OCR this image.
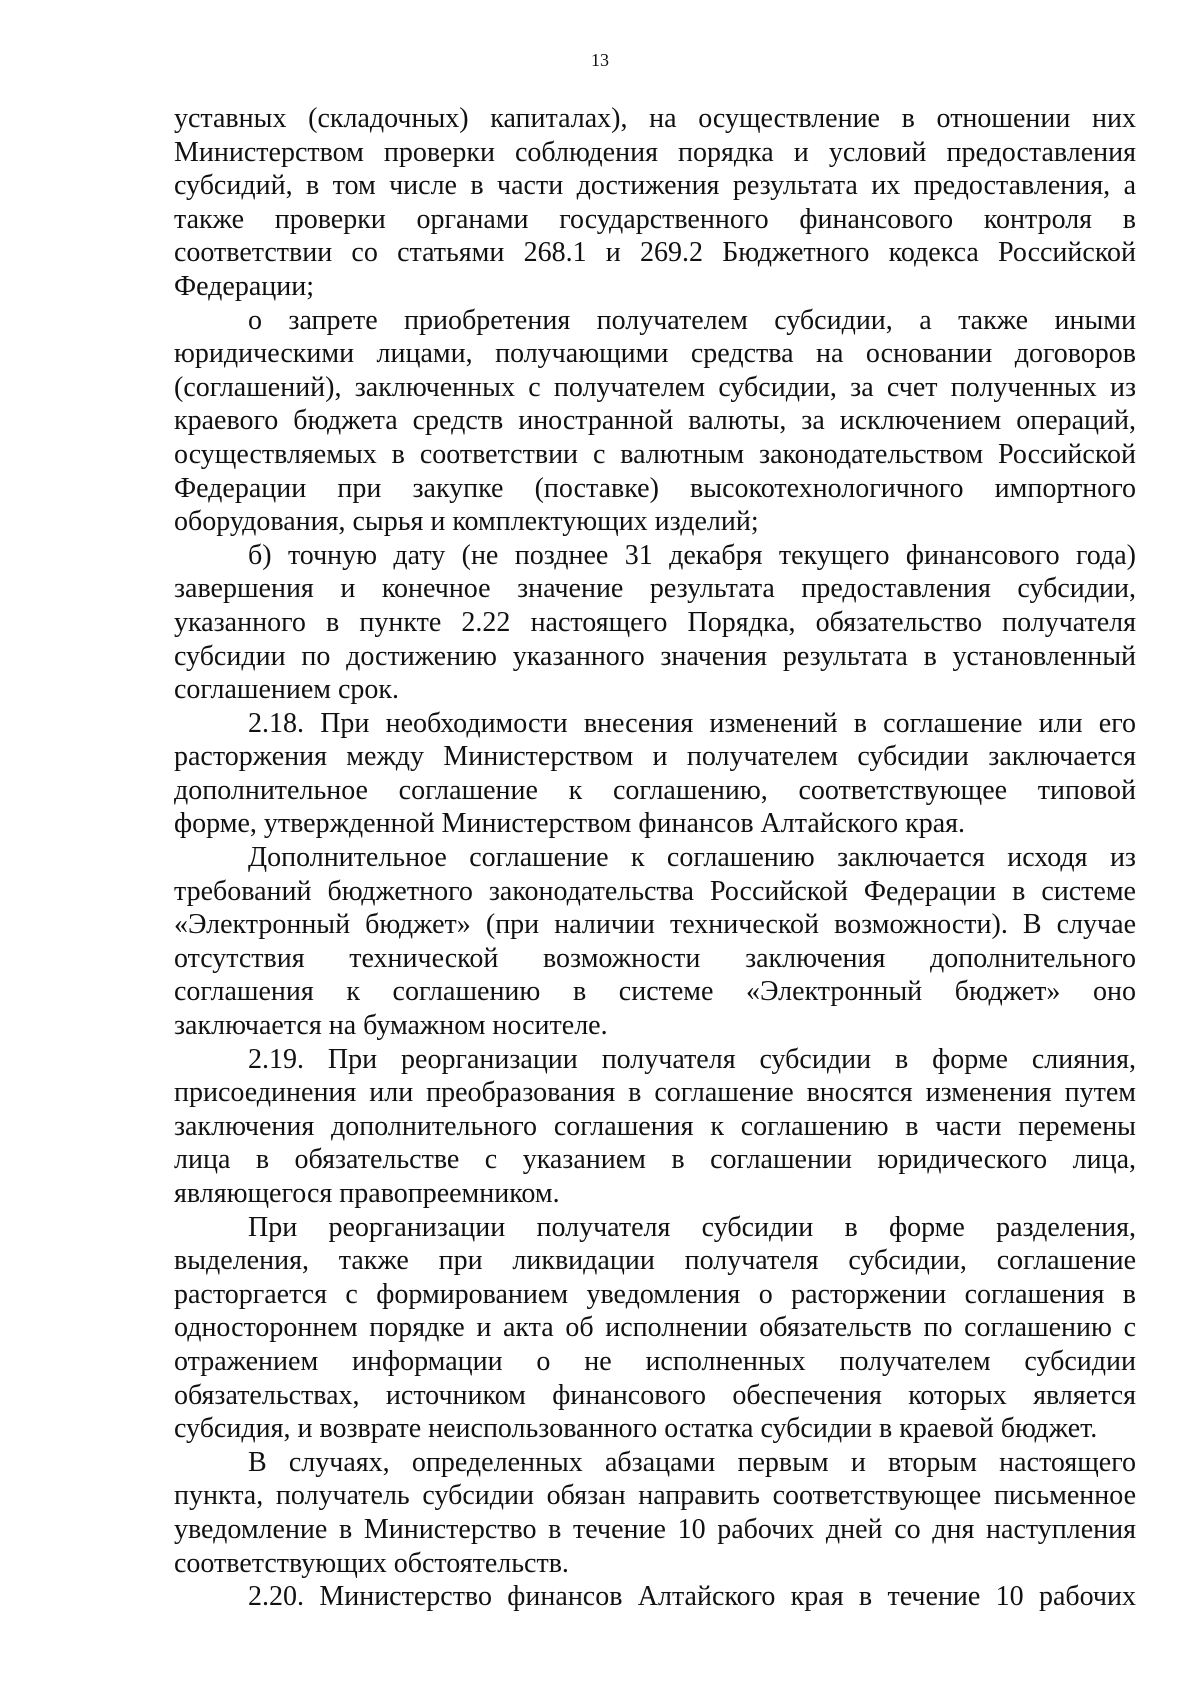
13
уставных (складочных) капиталах), на осуществление в отношении них
Министерством проверки соблюдения порядка и условий предоставления
субсидий, в том числе в части достижения результата их предоставления, а
также проверки органами государственного финансового контроля в
соответствии со статьями 268.1 и 269.2 Бюджетного кодекса Российской
Федерации;
о запрете приобретения получателем субсидии, а также иными
юридическими лицами, получающими средства на основании договоров
(соглашений), заключенных с получателем субсидии, за счет полученных из
краевого бюджета средств иностранной валюты, за исключением операций,
осуществляемых в соответствии с валютным законодательством Российской
Федерации при закупке (поставке) высокотехнологичного импортного
оборудования, сырья и комплектующих изделий;
б) точную дату (не позднее 31 декабря текущего финансового года)
завершения и конечное значение результата предоставления субсидии,
указанного в пункте 2.22 настоящего Порядка, обязательство получателя
субсидии по достижению указанного значения результата в установленный
соглашением срок.
2.18. При необходимости внесения изменений в соглашение или его
расторжения между Министерством и получателем субсидии заключается
дополнительное соглашение к соглашению, соответствующее типовой
форме, утвержденной Министерством финансов Алтайского края.
Дополнительное соглашение к соглашению заключается исходя из
требований бюджетного законодательства Российской Федерации в системе
«Электронный бюджет» (при наличии технической возможности). В случае
отсутствия технической возможности заключения дополнительного
соглашения к соглашению в системе «Электронный бюджет» оно
заключается на бумажном носителе.
2.19. При реорганизации получателя субсидии в форме слияния,
присоединения или преобразования в соглашение вносятся изменения путем
заключения дополнительного соглашения к соглашению в части перемены
лица в обязательстве с указанием в соглашении юридического лица,
являющегося правопреемником.
При реорганизации получателя субсидии в форме разделения,
выделения, также при ликвидации получателя субсидии, соглашение
расторгается с формированием уведомления о расторжении соглашения в
одностороннем порядке и акта об исполнении обязательств по соглашению с
отражением информации о не исполненных получателем субсидии
обязательствах, источником финансового обеспечения которых является
субсидия, и возврате неиспользованного остатка субсидии в краевой бюджет.
В случаях, определенных абзацами первым и вторым настоящего
пункта, получатель субсидии обязан направить соответствующее письменное
уведомление в Министерство в течение 10 рабочих дней со дня наступления
соответствующих обстоятельств.
2.20. Министерство финансов Алтайского края в течение 10 рабочих
